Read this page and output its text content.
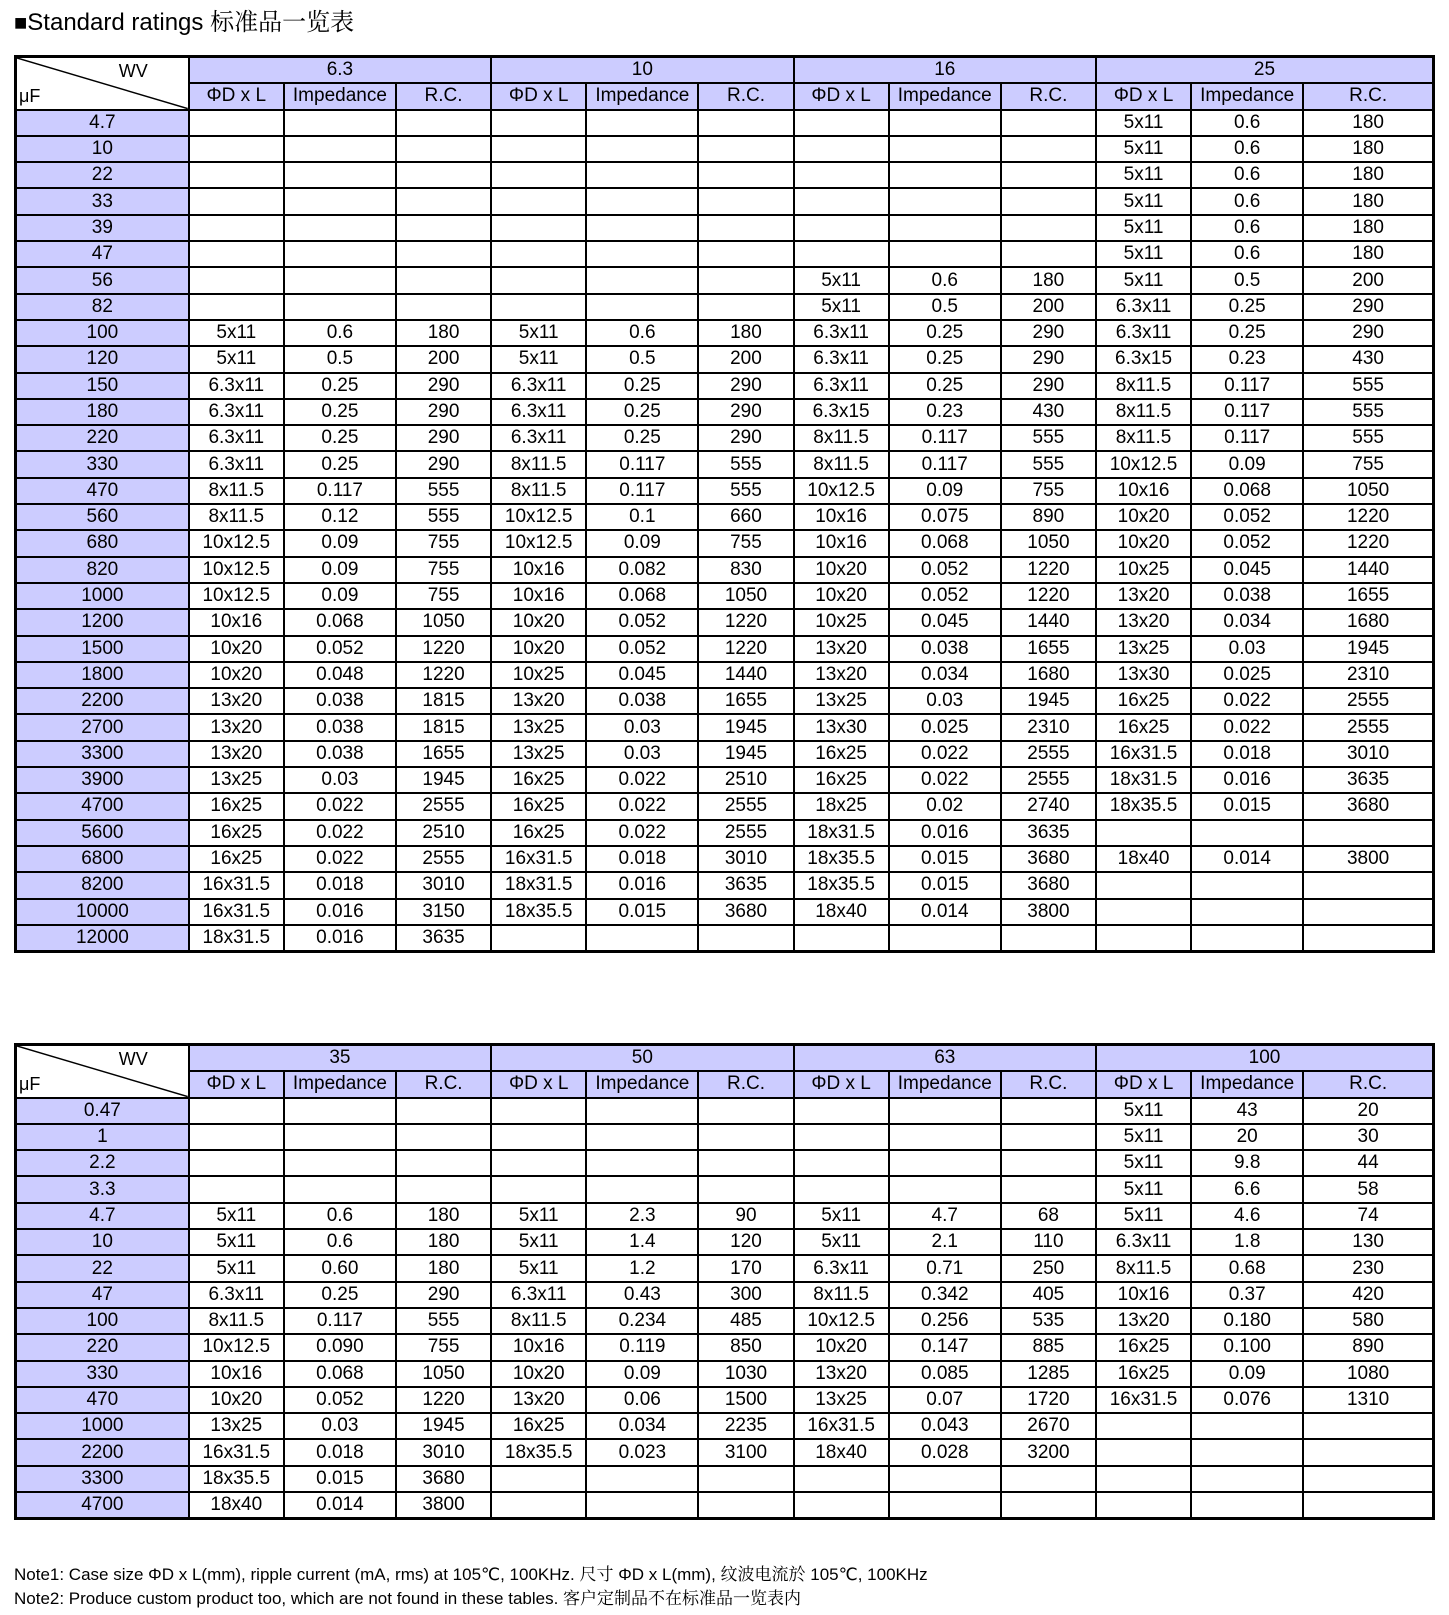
■Standard ratings 标准品一览表
WV
μF	6.3			10			16			25		
	ΦD x L	Impedance	R.C.	ΦD x L	Impedance	R.C.	ΦD x L	Impedance	R.C.	ΦD x L	Impedance	R.C.
4.7										5x11	0.6	180
10										5x11	0.6	180
22										5x11	0.6	180
33										5x11	0.6	180
39										5x11	0.6	180
47										5x11	0.6	180
56							5x11	0.6	180	5x11	0.5	200
82							5x11	0.5	200	6.3x11	0.25	290
100	5x11	0.6	180	5x11	0.6	180	6.3x11	0.25	290	6.3x11	0.25	290
120	5x11	0.5	200	5x11	0.5	200	6.3x11	0.25	290	6.3x15	0.23	430
150	6.3x11	0.25	290	6.3x11	0.25	290	6.3x11	0.25	290	8x11.5	0.117	555
180	6.3x11	0.25	290	6.3x11	0.25	290	6.3x15	0.23	430	8x11.5	0.117	555
220	6.3x11	0.25	290	6.3x11	0.25	290	8x11.5	0.117	555	8x11.5	0.117	555
330	6.3x11	0.25	290	8x11.5	0.117	555	8x11.5	0.117	555	10x12.5	0.09	755
470	8x11.5	0.117	555	8x11.5	0.117	555	10x12.5	0.09	755	10x16	0.068	1050
560	8x11.5	0.12	555	10x12.5	0.1	660	10x16	0.075	890	10x20	0.052	1220
680	10x12.5	0.09	755	10x12.5	0.09	755	10x16	0.068	1050	10x20	0.052	1220
820	10x12.5	0.09	755	10x16	0.082	830	10x20	0.052	1220	10x25	0.045	1440
1000	10x12.5	0.09	755	10x16	0.068	1050	10x20	0.052	1220	13x20	0.038	1655
1200	10x16	0.068	1050	10x20	0.052	1220	10x25	0.045	1440	13x20	0.034	1680
1500	10x20	0.052	1220	10x20	0.052	1220	13x20	0.038	1655	13x25	0.03	1945
1800	10x20	0.048	1220	10x25	0.045	1440	13x20	0.034	1680	13x30	0.025	2310
2200	13x20	0.038	1815	13x20	0.038	1655	13x25	0.03	1945	16x25	0.022	2555
2700	13x20	0.038	1815	13x25	0.03	1945	13x30	0.025	2310	16x25	0.022	2555
3300	13x20	0.038	1655	13x25	0.03	1945	16x25	0.022	2555	16x31.5	0.018	3010
3900	13x25	0.03	1945	16x25	0.022	2510	16x25	0.022	2555	18x31.5	0.016	3635
4700	16x25	0.022	2555	16x25	0.022	2555	18x25	0.02	2740	18x35.5	0.015	3680
5600	16x25	0.022	2510	16x25	0.022	2555	18x31.5	0.016	3635			
6800	16x25	0.022	2555	16x31.5	0.018	3010	18x35.5	0.015	3680	18x40	0.014	3800
8200	16x31.5	0.018	3010	18x31.5	0.016	3635	18x35.5	0.015	3680			
10000	16x31.5	0.016	3150	18x35.5	0.015	3680	18x40	0.014	3800			
12000	18x31.5	0.016	3635									
WV
μF	35			50			63			100		
	ΦD x L	Impedance	R.C.	ΦD x L	Impedance	R.C.	ΦD x L	Impedance	R.C.	ΦD x L	Impedance	R.C.
0.47										5x11	43	20
1										5x11	20	30
2.2										5x11	9.8	44
3.3										5x11	6.6	58
4.7	5x11	0.6	180	5x11	2.3	90	5x11	4.7	68	5x11	4.6	74
10	5x11	0.6	180	5x11	1.4	120	5x11	2.1	110	6.3x11	1.8	130
22	5x11	0.60	180	5x11	1.2	170	6.3x11	0.71	250	8x11.5	0.68	230
47	6.3x11	0.25	290	6.3x11	0.43	300	8x11.5	0.342	405	10x16	0.37	420
100	8x11.5	0.117	555	8x11.5	0.234	485	10x12.5	0.256	535	13x20	0.180	580
220	10x12.5	0.090	755	10x16	0.119	850	10x20	0.147	885	16x25	0.100	890
330	10x16	0.068	1050	10x20	0.09	1030	13x20	0.085	1285	16x25	0.09	1080
470	10x20	0.052	1220	13x20	0.06	1500	13x25	0.07	1720	16x31.5	0.076	1310
1000	13x25	0.03	1945	16x25	0.034	2235	16x31.5	0.043	2670			
2200	16x31.5	0.018	3010	18x35.5	0.023	3100	18x40	0.028	3200			
3300	18x35.5	0.015	3680									
4700	18x40	0.014	3800									
Note1: Case size ΦD x L(mm), ripple current (mA, rms) at 105℃, 100KHz. 尺寸 ΦD x L(mm), 纹波电流於 105℃, 100KHz
Note2: Produce custom product too, which are not found in these tables. 客户定制品不在标准品一览表内
